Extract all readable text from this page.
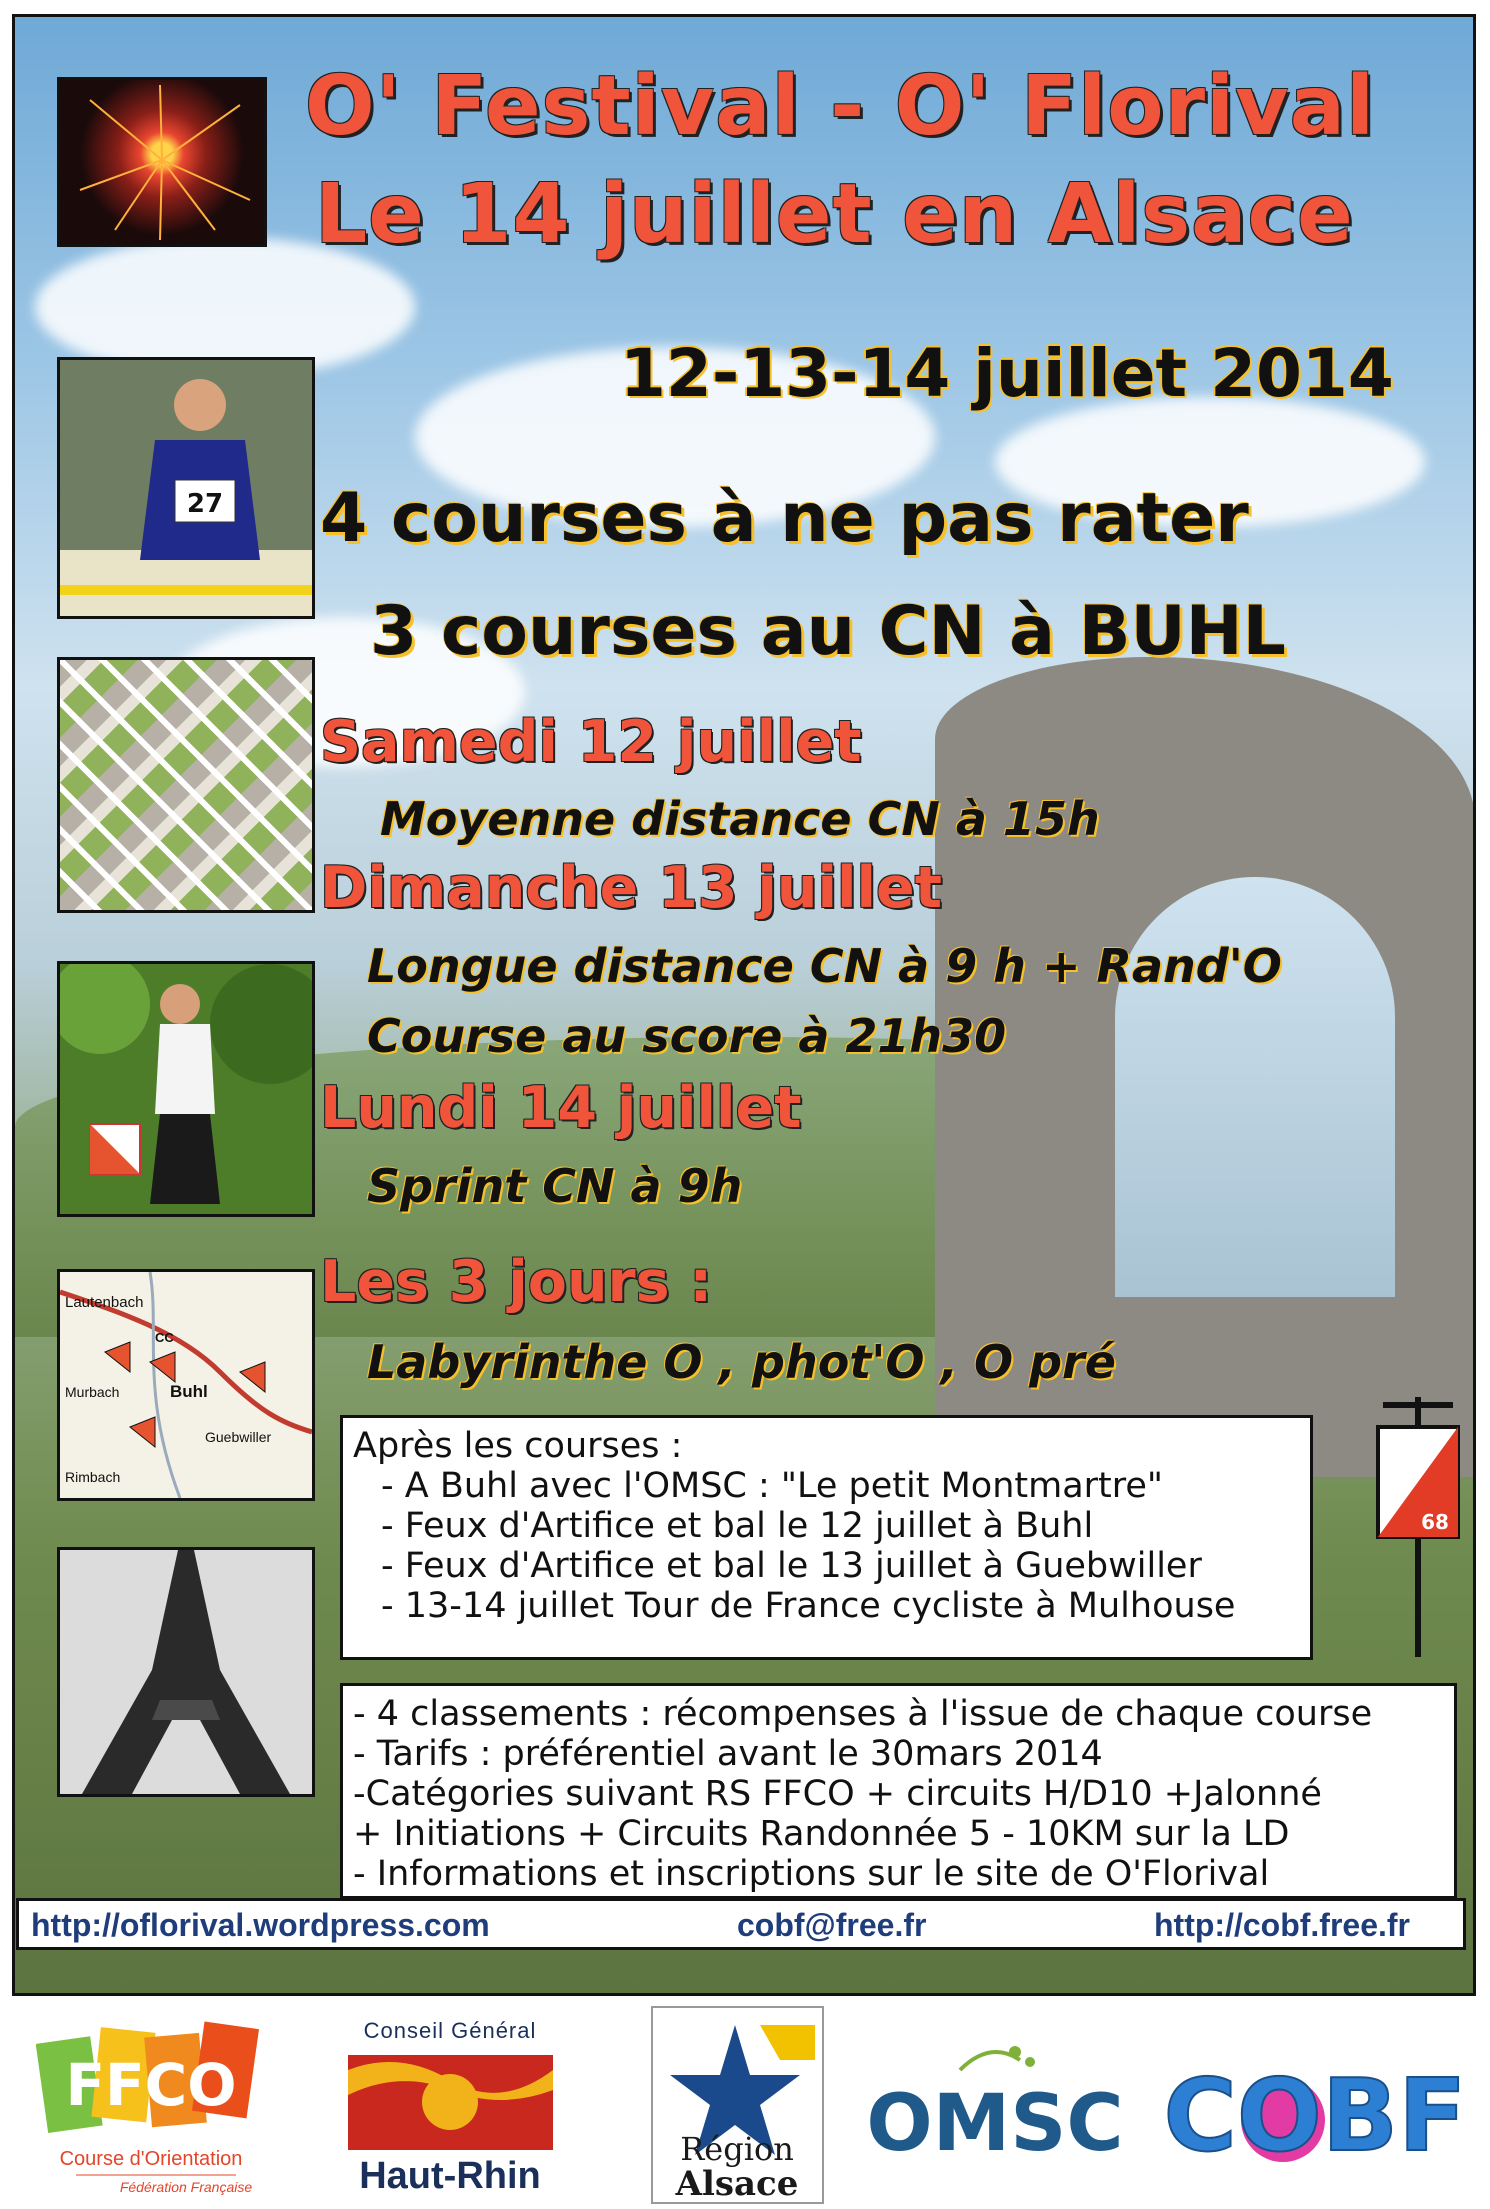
O' Festival - O' Florival
Le 14 juillet en Alsace
12-13-14 juillet 2014
4 courses à ne pas rater
3 courses au CN à BUHL
Samedi 12 juillet
Moyenne distance CN à 15h
Dimanche 13 juillet
Longue distance CN à 9 h + Rand'O
Course au score à 21h30
Lundi 14 juillet
Sprint CN à 9h
Les 3 jours :
Labyrinthe O , phot'O , O pré
27
Lautenbach
CC
Murbach	Buhl
Guebwiller
Rimbach
Après les courses :
- A Buhl avec l'OMSC : "Le petit Montmartre"
- Feux d'Artifice et bal le 12 juillet à Buhl
- Feux d'Artifice et bal le 13 juillet à Guebwiller
- 13-14 juillet Tour de France cycliste à Mulhouse
- 4 classements : récompenses à l'issue de chaque course
- Tarifs : préférentiel avant le 30mars 2014
-Catégories suivant RS FFCO + circuits H/D10 +Jalonné
+ Initiations + Circuits Randonnée 5 - 10KM sur la LD
- Informations et inscriptions sur le site de O'Florival
68
http://oflorival.wordpress.com	cobf@free.fr	http://cobf.free.fr
FFCO
Course d'Orientation
Fédération Française
Conseil Général
Haut-Rhin
Région
Alsace
OMSC COBF
